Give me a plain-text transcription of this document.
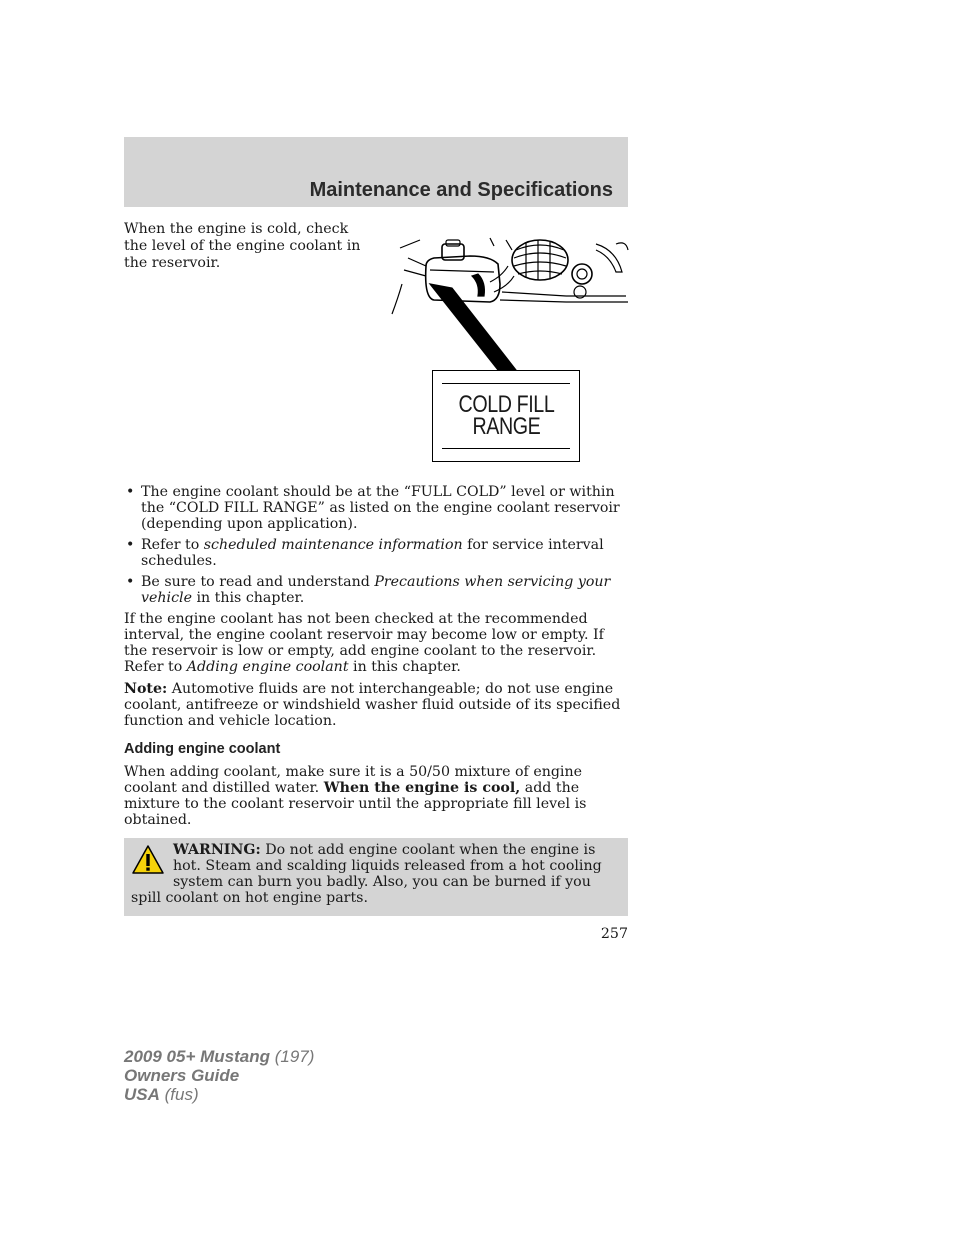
Maintenance and Specifications

When the engine is cold, check the level of the engine coolant in the reservoir.

COLD FILL
RANGE
• The engine coolant should be at the “FULL COLD” level or within the “COLD FILL RANGE” as listed on the engine coolant reservoir (depending upon application).
• Refer to scheduled maintenance information for service interval schedules.
• Be sure to read and understand Precautions when servicing your vehicle in this chapter.

If the engine coolant has not been checked at the recommended interval, the engine coolant reservoir may become low or empty. If the reservoir is low or empty, add engine coolant to the reservoir. Refer to Adding engine coolant in this chapter.

Note: Automotive fluids are not interchangeable; do not use engine coolant, antifreeze or windshield washer fluid outside of its specified function and vehicle location.

Adding engine coolant

When adding coolant, make sure it is a 50/50 mixture of engine coolant and distilled water. When the engine is cool, add the mixture to the coolant reservoir until the appropriate fill level is obtained.

WARNING: Do not add engine coolant when the engine is hot. Steam and scalding liquids released from a hot cooling system can burn you badly. Also, you can be burned if you spill coolant on hot engine parts.
257
2009 05+ Mustang (197)
Owners Guide
USA (fus)
